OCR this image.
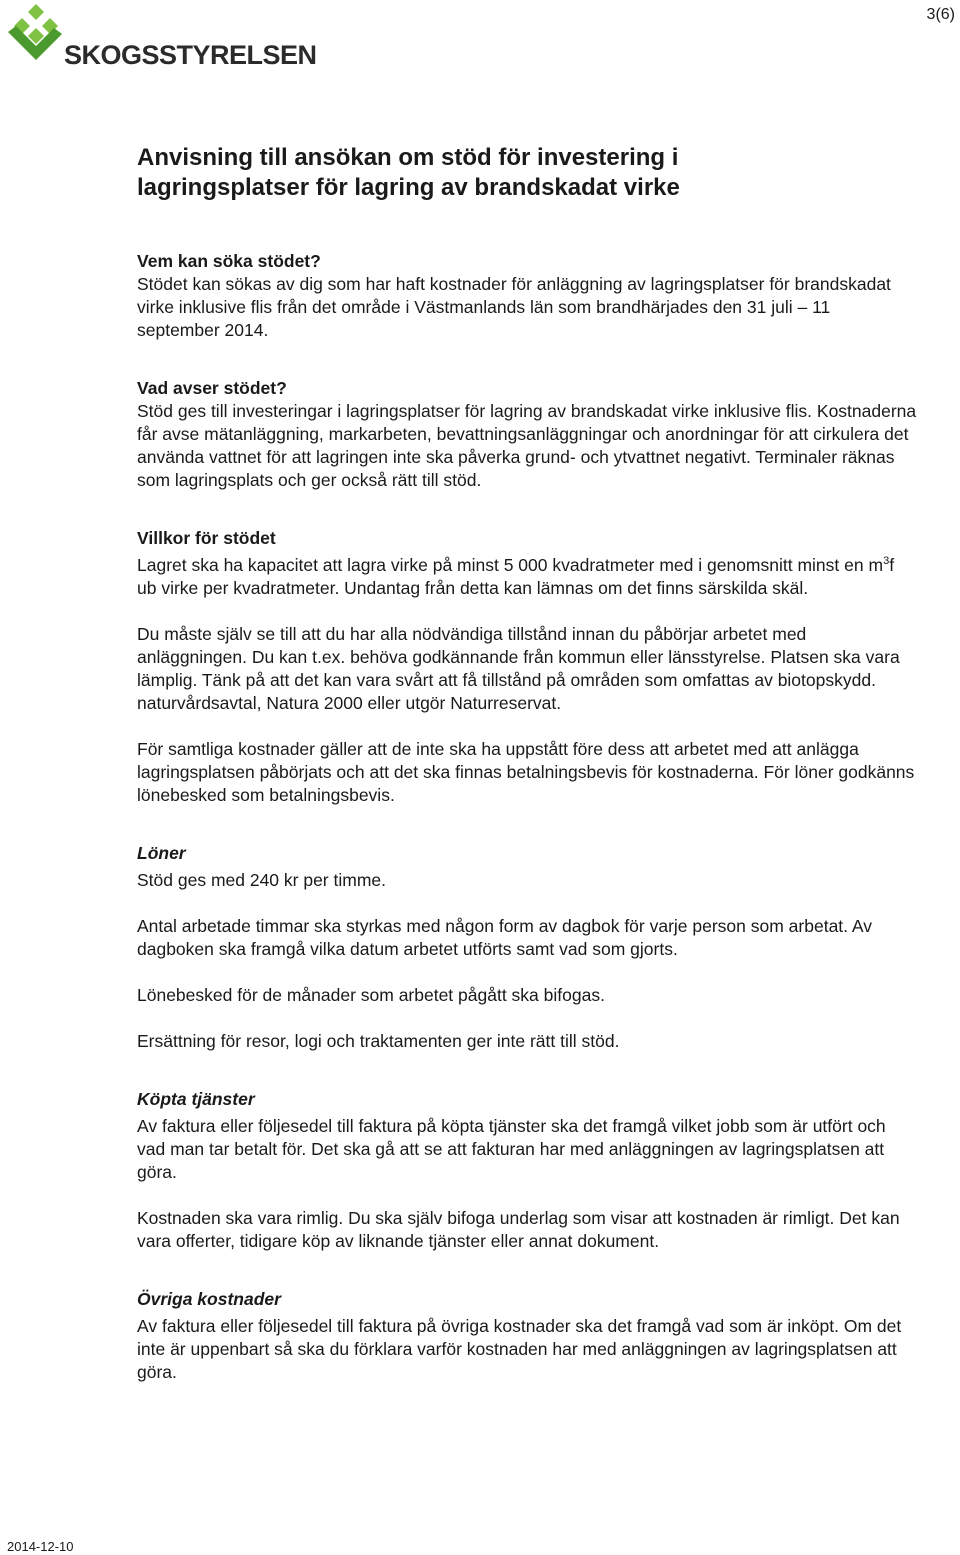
SKOGSSTYRELSEN
3(6)
Anvisning till ansökan om stöd för investering i
lagringsplatser för lagring av brandskadat virke
Vem kan söka stödet?

Stödet kan sökas av dig som har haft kostnader för anläggning av lagringsplatser för brandskadat virke inklusive flis från det område i Västmanlands län som brandhärjades den 31 juli – 11 september 2014.

Vad avser stödet?

Stöd ges till investeringar i lagringsplatser för lagring av brandskadat virke inklusive flis. Kostnaderna får avse mätanläggning, markarbeten, bevattningsanläggningar och anordningar för att cirkulera det använda vattnet för att lagringen inte ska påverka grund- och ytvattnet negativt. Terminaler räknas som lagringsplats och ger också rätt till stöd.

Villkor för stödet

Lagret ska ha kapacitet att lagra virke på minst 5 000 kvadratmeter med i genomsnitt minst en $m^3f$ ub virke per kvadratmeter. Undantag från detta kan lämnas om det finns särskilda skäl.

Du måste själv se till att du har alla nödvändiga tillstånd innan du påbörjar arbetet med anläggningen. Du kan t.ex. behöva godkännande från kommun eller länsstyrelse. Platsen ska vara lämplig. Tänk på att det kan vara svårt att få tillstånd på områden som omfattas av biotopskydd. naturvårdsavtal, Natura 2000 eller utgör Naturreservat.

För samtliga kostnader gäller att de inte ska ha uppstått före dess att arbetet med att anlägga lagringsplatsen påbörjats och att det ska finnas betalningsbevis för kostnaderna. För löner godkänns lönebesked som betalningsbevis.

Löner

Stöd ges med 240 kr per timme.

Antal arbetade timmar ska styrkas med någon form av dagbok för varje person som arbetat. Av dagboken ska framgå vilka datum arbetet utförts samt vad som gjorts.

Lönebesked för de månader som arbetet pågått ska bifogas.

Ersättning för resor, logi och traktamenten ger inte rätt till stöd.

Köpta tjänster

Av faktura eller följesedel till faktura på köpta tjänster ska det framgå vilket jobb som är utfört och vad man tar betalt för. Det ska gå att se att fakturan har med anläggningen av lagringsplatsen att göra.

Kostnaden ska vara rimlig. Du ska själv bifoga underlag som visar att kostnaden är rimligt. Det kan vara offerter, tidigare köp av liknande tjänster eller annat dokument.

Övriga kostnader

Av faktura eller följesedel till faktura på övriga kostnader ska det framgå vad som är inköpt. Om det inte är uppenbart så ska du förklara varför kostnaden har med anläggningen av lagringsplatsen att göra.

2014-12-10
